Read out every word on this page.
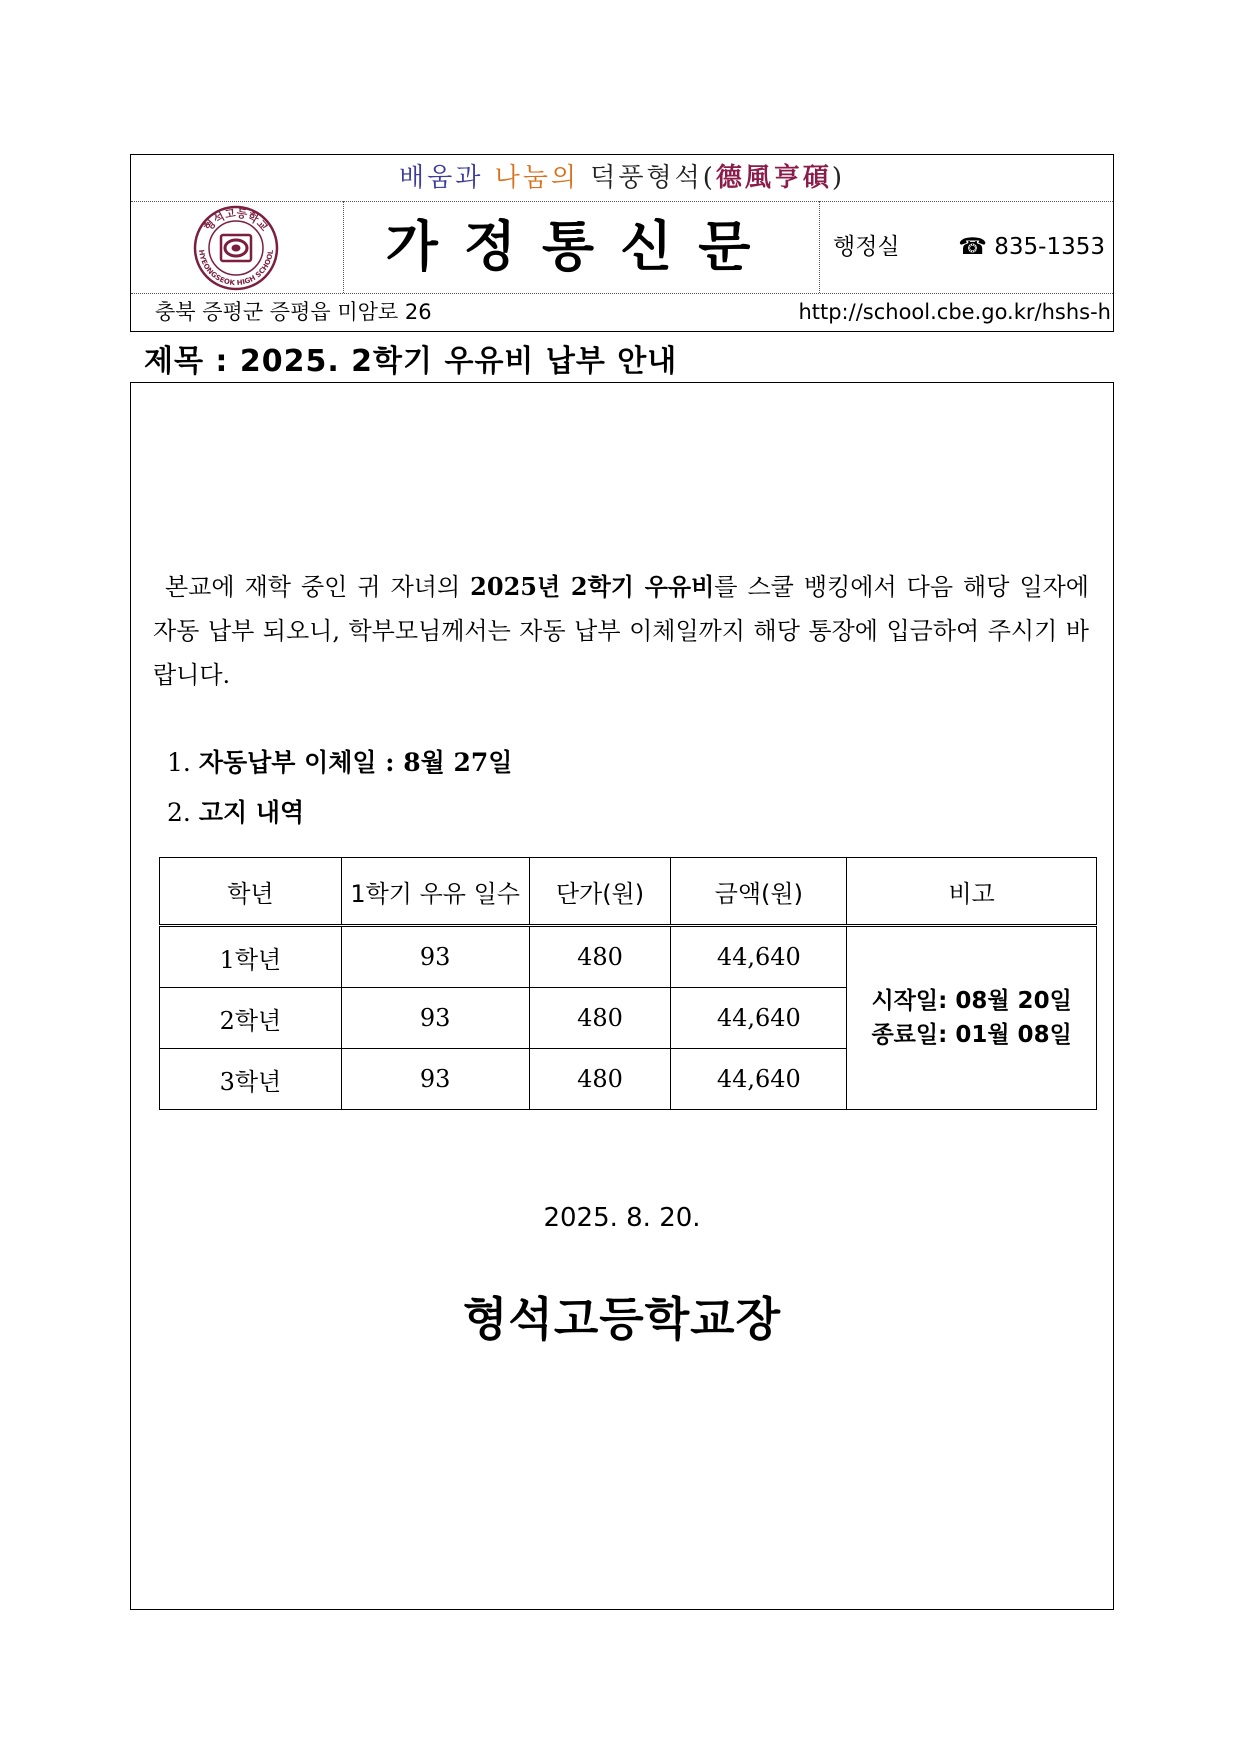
배움과 나눔의 덕풍형석(德風亨碩)
형석고등학교
HYEONGSEOK HIGH SCHOOL	가정통신문	행정실	☎ 835-1353
충북 증평군 증평읍 미암로 26	http://school.cbe.go.kr/hshs-h
제목 : 2025. 2학기 우유비 납부 안내
본교에 재학 중인 귀 자녀의 2025년 2학기 우유비를 스쿨 뱅킹에서 다음 해당 일자에 자동 납부 되오니, 학부모님께서는 자동 납부 이체일까지 해당 통장에 입금하여 주시기 바랍니다.
1. 자동납부 이체일 : 8월 27일
2. 고지 내역
학년	1학기 우유 일수	단가(원)	금액(원)	비고
1학년	93	480	44,640	시작일: 08월 20일
종료일: 01월 08일

2학년	93	480	44,640	
3학년	93	480	44,640	
2025. 8. 20.
형석고등학교장
